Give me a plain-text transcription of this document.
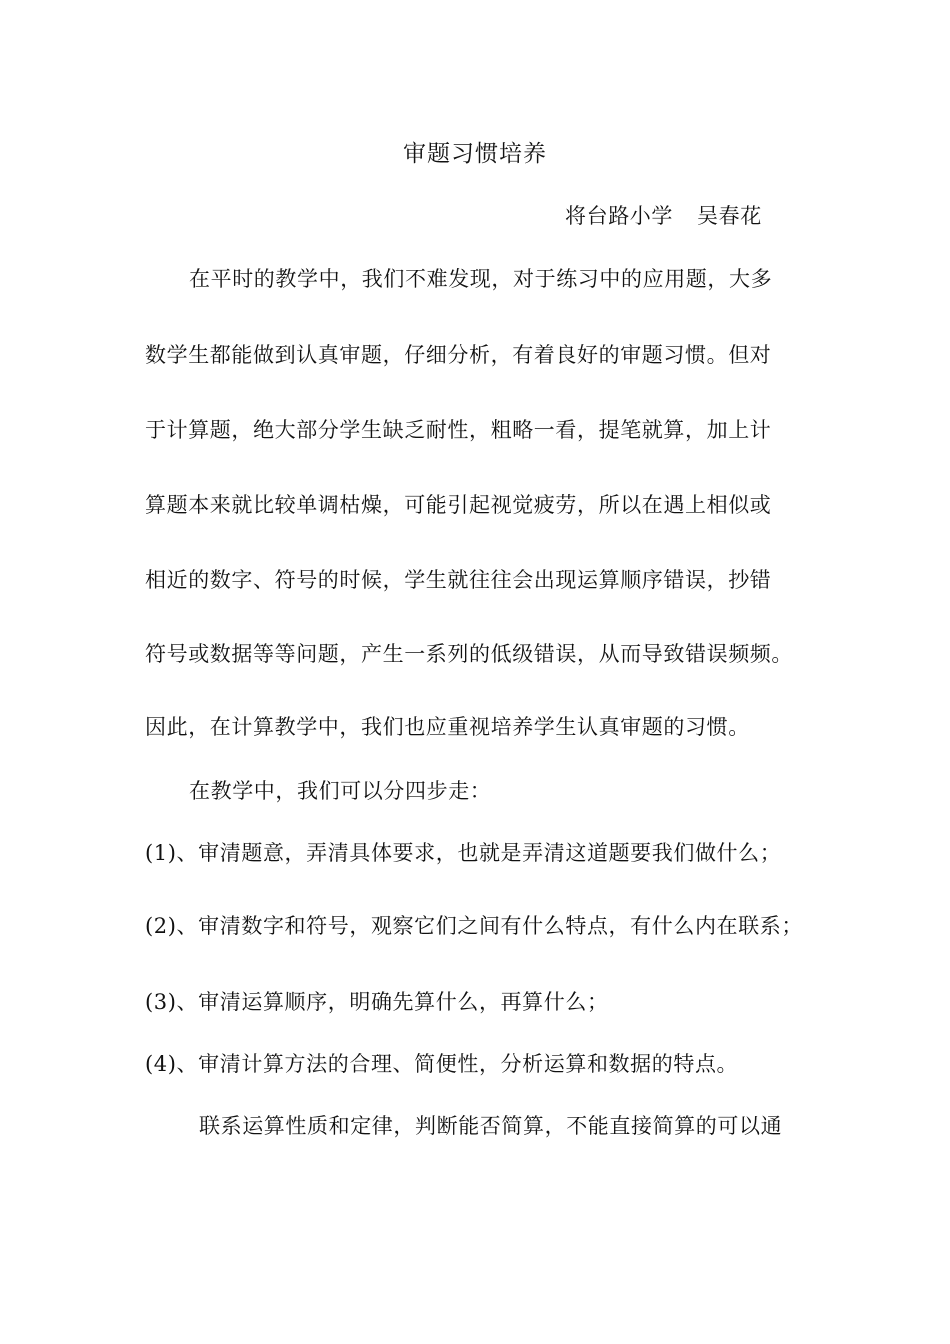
审题习惯培养
将台路小学 吴春花
在平时的教学中，我们不难发现，对于练习中的应用题，大多
数学生都能做到认真审题，仔细分析，有着良好的审题习惯。但对
于计算题，绝大部分学生缺乏耐性，粗略一看，提笔就算，加上计
算题本来就比较单调枯燥，可能引起视觉疲劳，所以在遇上相似或
相近的数字、符号的时候，学生就往往会出现运算顺序错误，抄错
符号或数据等等问题，产生一系列的低级错误，从而导致错误频频。
因此，在计算教学中，我们也应重视培养学生认真审题的习惯。
在教学中，我们可以分四步走：
(1)、审清题意，弄清具体要求，也就是弄清这道题要我们做什么；
(2)、审清数字和符号，观察它们之间有什么特点，有什么内在联系；
(3)、审清运算顺序，明确先算什么，再算什么；
(4)、审清计算方法的合理、简便性，分析运算和数据的特点。
联系运算性质和定律，判断能否简算，不能直接简算的可以通
